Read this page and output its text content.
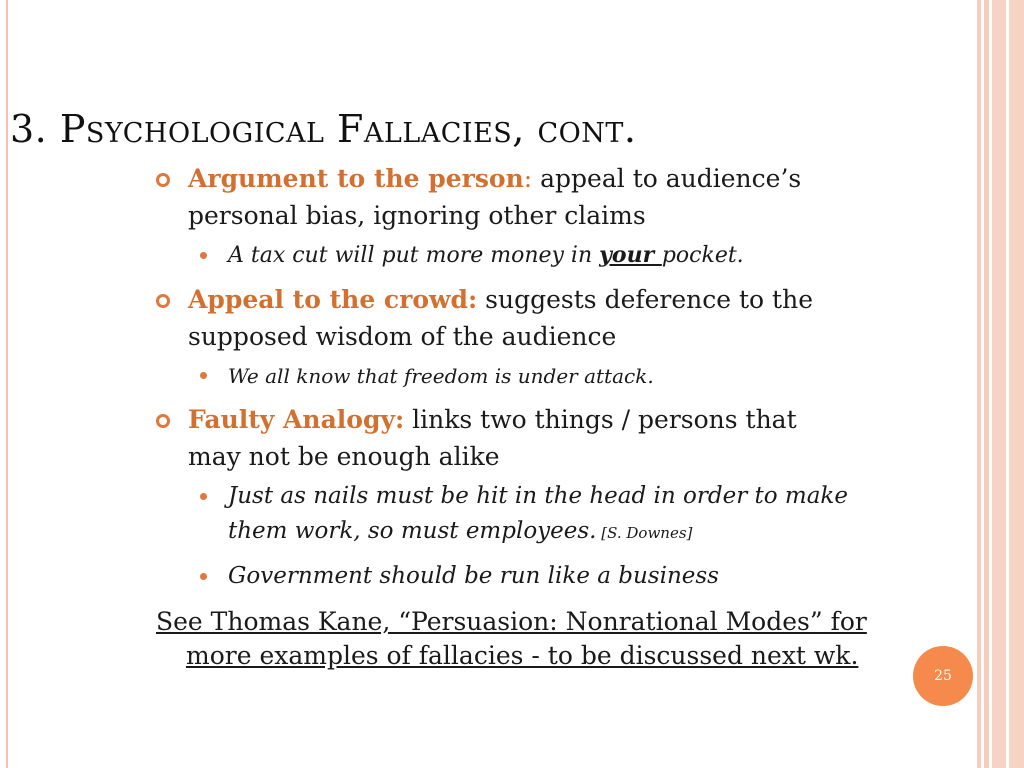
3. Psychological Fallacies, cont.
Argument to the person: appeal to audience’s
personal bias, ignoring other claims
A tax cut will put more money in your pocket.
Appeal to the crowd: suggests deference to the
supposed wisdom of the audience
We all know that freedom is under attack.
Faulty Analogy: links two things / persons that
may not be enough alike
Just as nails must be hit in the head in order to make
them work, so must employees. [S. Downes]
Government should be run like a business
See Thomas Kane, “Persuasion: Nonrational Modes” for
more examples of fallacies - to be discussed next wk.
25
